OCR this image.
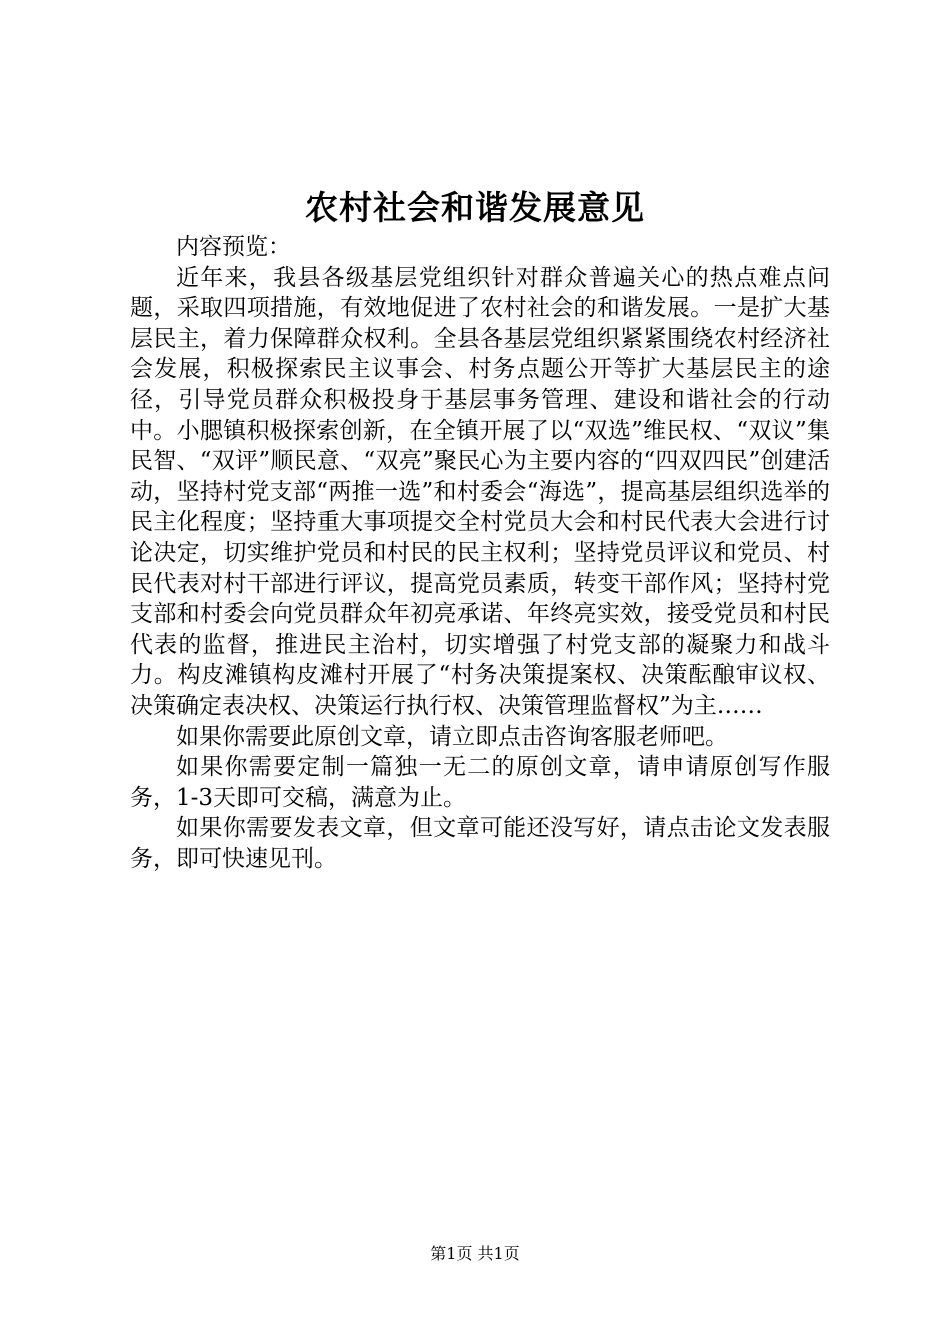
农村社会和谐发展意见

内容预览：

近年来，我县各级基层党组织针对群众普遍关心的热点难点问题，采取四项措施，有效地促进了农村社会的和谐发展。一是扩大基层民主，着力保障群众权利。全县各基层党组织紧紧围绕农村经济社会发展，积极探索民主议事会、村务点题公开等扩大基层民主的途径，引导党员群众积极投身于基层事务管理、建设和谐社会的行动中。小腮镇积极探索创新，在全镇开展了以“双选”维民权、“双议”集民智、“双评”顺民意、“双亮”聚民心为主要内容的“四双四民”创建活动，坚持村党支部“两推一选”和村委会“海选”，提高基层组织选举的民主化程度；坚持重大事项提交全村党员大会和村民代表大会进行讨论决定，切实维护党员和村民的民主权利；坚持党员评议和党员、村民代表对村干部进行评议，提高党员素质，转变干部作风；坚持村党支部和村委会向党员群众年初亮承诺、年终亮实效，接受党员和村民代表的监督，推进民主治村，切实增强了村党支部的凝聚力和战斗力。构皮滩镇构皮滩村开展了“村务决策提案权、决策酝酿审议权、决策确定表决权、决策运行执行权、决策管理监督权”为主……

如果你需要此原创文章，请立即点击咨询客服老师吧。

如果你需要定制一篇独一无二的原创文章，请申请原创写作服务，1-3天即可交稿，满意为止。

如果你需要发表文章，但文章可能还没写好，请点击论文发表服务，即可快速见刊。

第1页 共1页
